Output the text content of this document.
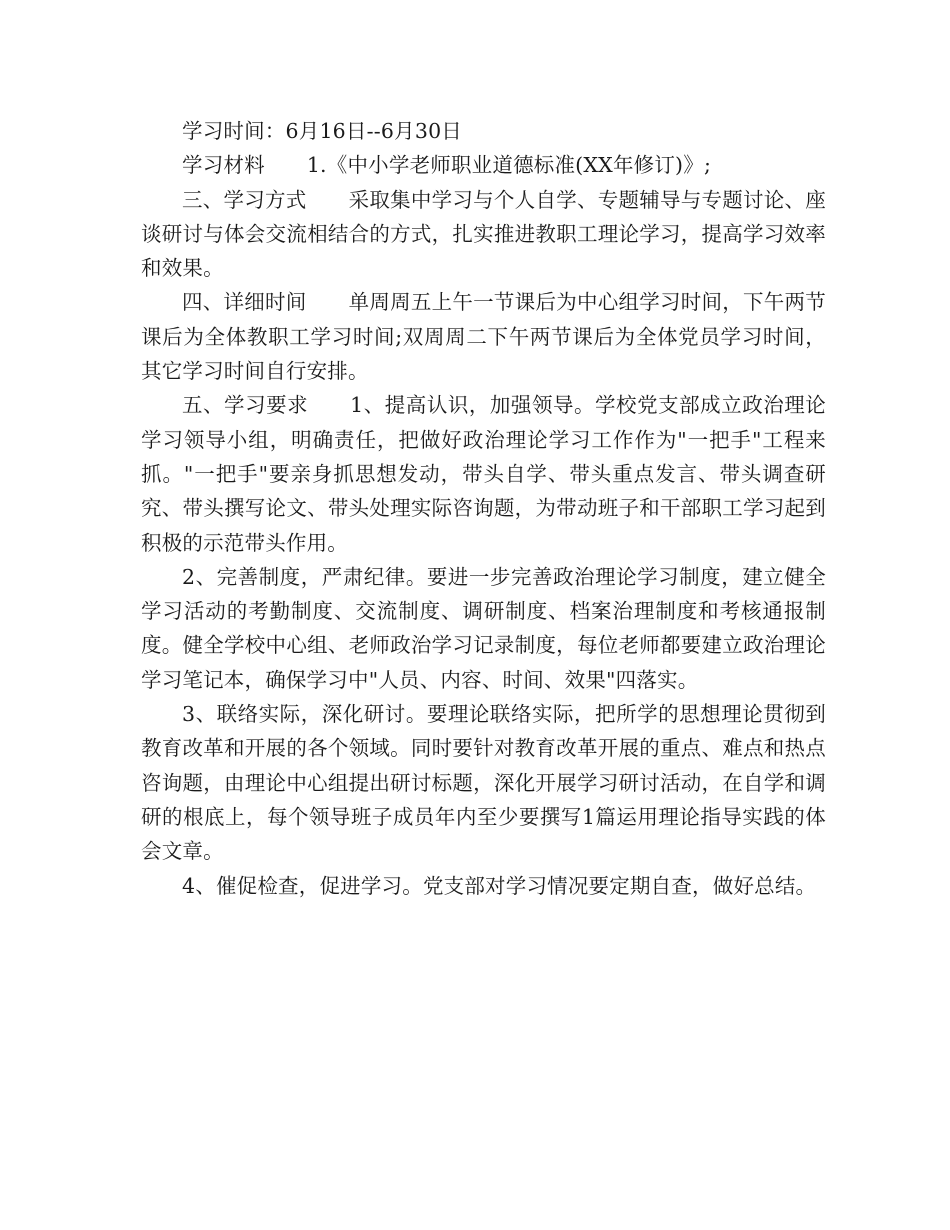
学习时间：6月16日--6月30日

学习材料 1.《中小学老师职业道德标准(XX年修订)》;

三、学习方式 采取集中学习与个人自学、专题辅导与专题讨论、座谈研讨与体会交流相结合的方式，扎实推进教职工理论学习，提高学习效率和效果。

四、详细时间 单周周五上午一节课后为中心组学习时间，下午两节课后为全体教职工学习时间;双周周二下午两节课后为全体党员学习时间，其它学习时间自行安排。

五、学习要求 1、提高认识，加强领导。学校党支部成立政治理论学习领导小组，明确责任，把做好政治理论学习工作作为"一把手"工程来抓。"一把手"要亲身抓思想发动，带头自学、带头重点发言、带头调查研究、带头撰写论文、带头处理实际咨询题，为带动班子和干部职工学习起到积极的示范带头作用。

2、完善制度，严肃纪律。要进一步完善政治理论学习制度，建立健全学习活动的考勤制度、交流制度、调研制度、档案治理制度和考核通报制度。健全学校中心组、老师政治学习记录制度，每位老师都要建立政治理论学习笔记本，确保学习中"人员、内容、时间、效果"四落实。

3、联络实际，深化研讨。要理论联络实际，把所学的思想理论贯彻到教育改革和开展的各个领域。同时要针对教育改革开展的重点、难点和热点咨询题，由理论中心组提出研讨标题，深化开展学习研讨活动，在自学和调研的根底上，每个领导班子成员年内至少要撰写1篇运用理论指导实践的体会文章。

4、催促检查，促进学习。党支部对学习情况要定期自查，做好总结。
